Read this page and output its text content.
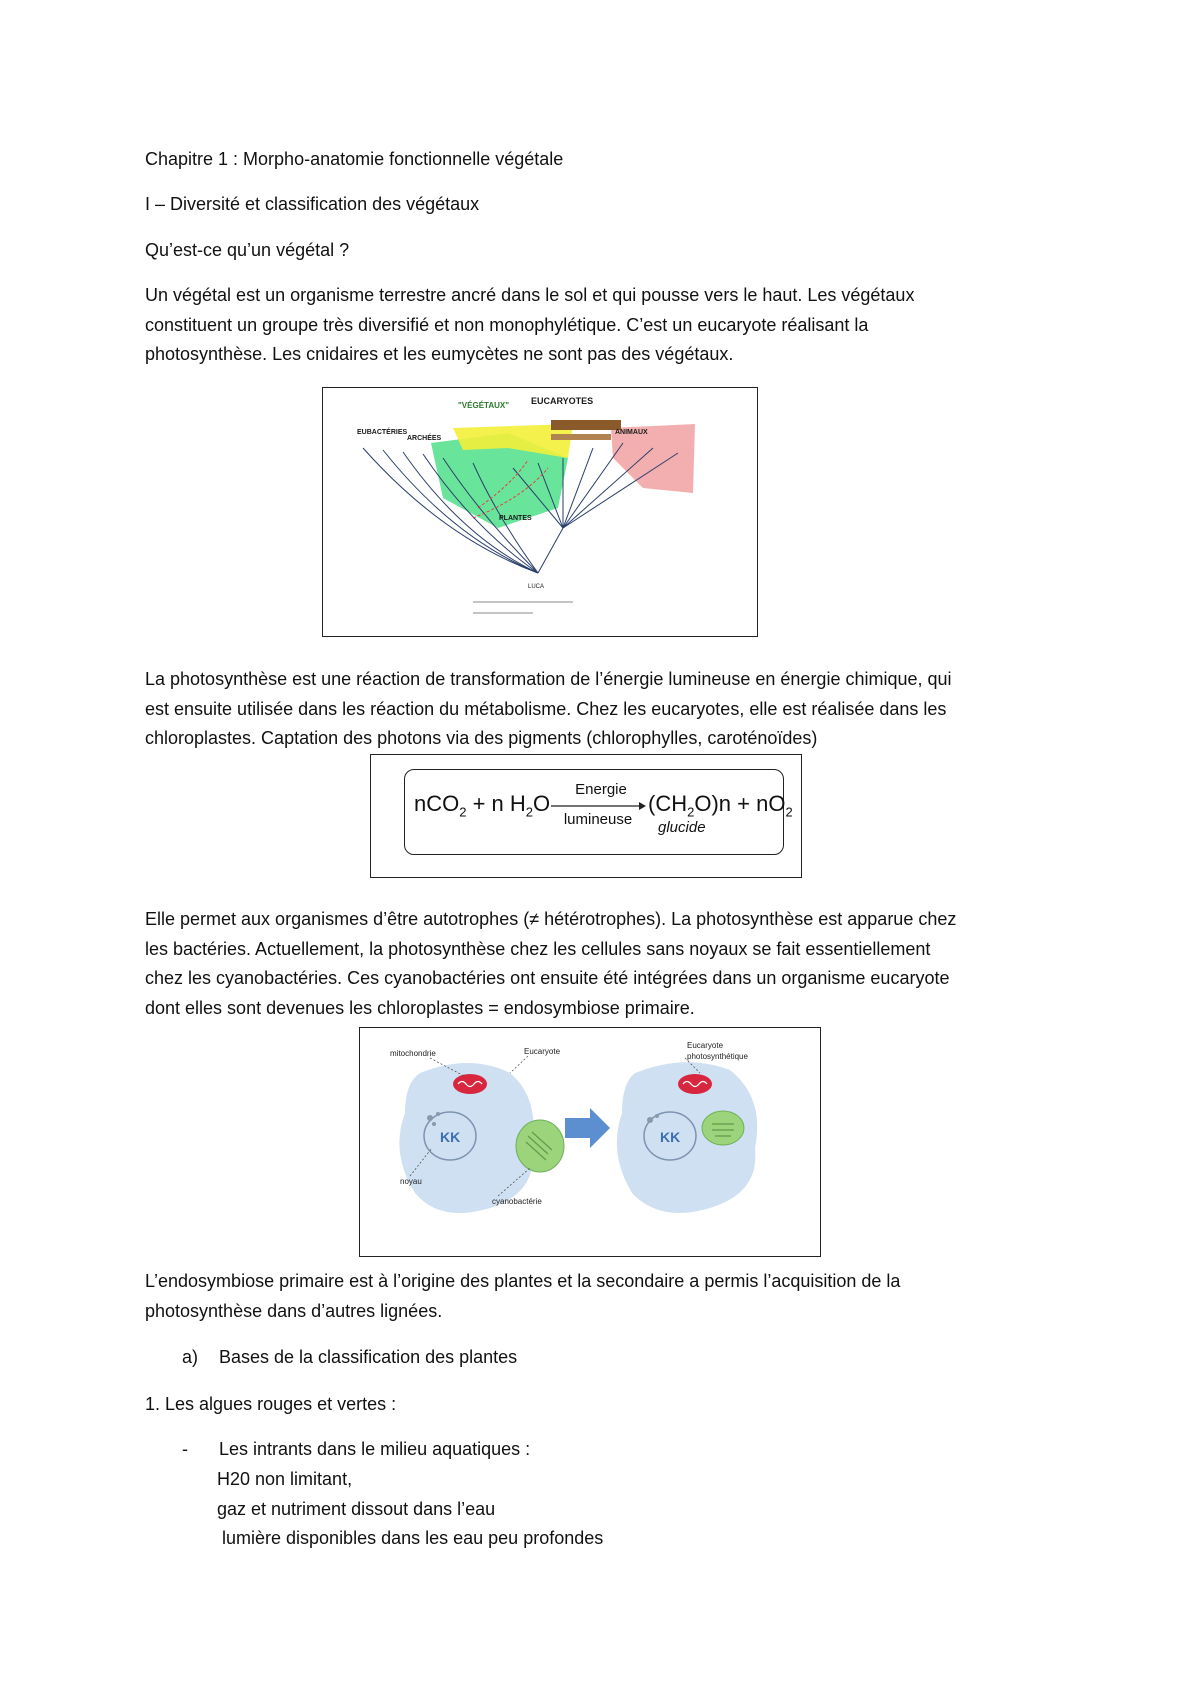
Chapitre 1 : Morpho-anatomie fonctionnelle végétale

I – Diversité et classification des végétaux

Qu’est-ce qu’un végétal ?

Un végétal est un organisme terrestre ancré dans le sol et qui pousse vers le haut. Les végétaux
constituent un groupe très diversifié et non monophylétique. C’est un eucaryote réalisant la
photosynthèse. Les cnidaires et les eumycètes ne sont pas des végétaux.
EUCARYOTES
"VÉGÉTAUX"
EUBACTÉRIES
ARCHÉES
ANIMAUX
PLANTES
LUCA
La photosynthèse est une réaction de transformation de l’énergie lumineuse en énergie chimique, qui
est ensuite utilisée dans les réaction du métabolisme. Chez les eucaryotes, elle est réalisée dans les
chloroplastes. Captation des photons via des pigments (chlorophylles, caroténoïdes)
nCO$_2$ + n $H_2O$
Energie
lumineuse
$(CH_2O)n + nO_2$
glucide
Elle permet aux organismes d’être autotrophes (≠ hétérotrophes). La photosynthèse est apparue chez
les bactéries. Actuellement, la photosynthèse chez les cellules sans noyaux se fait essentiellement
chez les cyanobactéries. Ces cyanobactéries ont ensuite été intégrées dans un organisme eucaryote
dont elles sont devenues les chloroplastes = endosymbiose primaire.
KK	KK
mitochondrie	Eucaryote
Eucaryote
photosynthétique
noyau
cyanobactérie
L’endosymbiose primaire est à l’origine des plantes et la secondaire a permis l’acquisition de la
photosynthèse dans d’autres lignées.
a) Bases de la classification des plantes

1. Les algues rouges et vertes :

- Les intrants dans le milieu aquatiques :
H20 non limitant,
gaz et nutriment dissout dans l’eau
lumière disponibles dans les eau peu profondes
